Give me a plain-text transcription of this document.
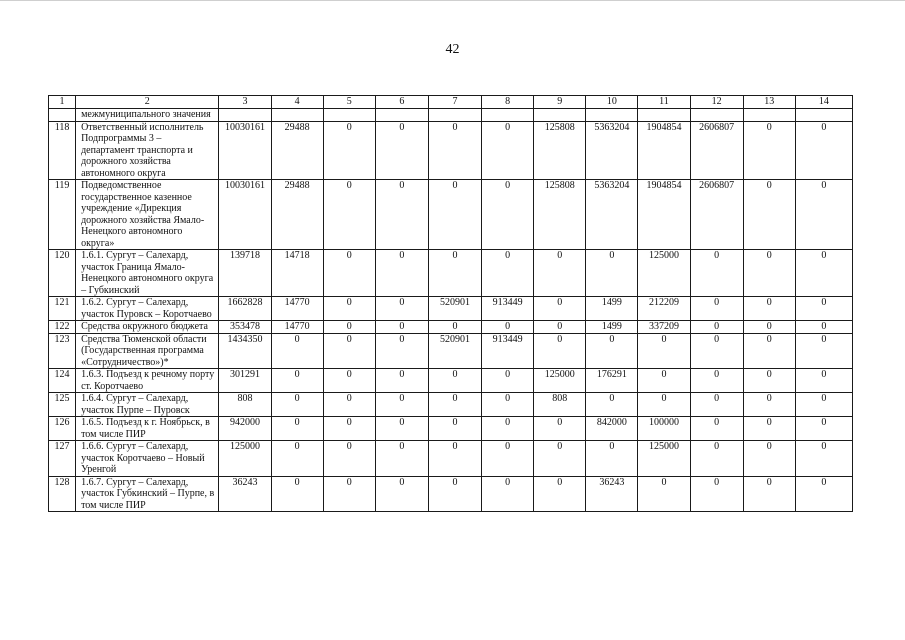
42
1	2	3	4	5	6	7	8	9	10	11	12	13	14
	межмуниципального значения												
118	Ответственный исполнитель Подпрограммы 3 – департамент транспорта и дорожного хозяйства автономного округа	10030161	29488	0	0	0	0	125808	5363204	1904854	2606807	0	0
119	Подведомственное государственное казенное учреждение «Дирекция дорожного хозяйства Ямало-Ненецкого автономного округа»	10030161	29488	0	0	0	0	125808	5363204	1904854	2606807	0	0
120	1.6.1. Сургут – Салехард, участок Граница Ямало-Ненецкого автономного округа – Губкинский	139718	14718	0	0	0	0	0	0	125000	0	0	0
121	1.6.2. Сургут – Салехард, участок Пуровск – Коротчаево	1662828	14770	0	0	520901	913449	0	1499	212209	0	0	0
122	Средства окружного бюджета	353478	14770	0	0	0	0	0	1499	337209	0	0	0
123	Средства Тюменской области (Государственная программа «Сотрудничество»)*	1434350	0	0	0	520901	913449	0	0	0	0	0	0
124	1.6.3. Подъезд к речному порту ст. Коротчаево	301291	0	0	0	0	0	125000	176291	0	0	0	0
125	1.6.4. Сургут – Салехард, участок Пурпе – Пуровск	808	0	0	0	0	0	808	0	0	0	0	0
126	1.6.5. Подъезд к г. Ноябрьск, в том числе ПИР	942000	0	0	0	0	0	0	842000	100000	0	0	0
127	1.6.6. Сургут – Салехард, участок Коротчаево – Новый Уренгой	125000	0	0	0	0	0	0	0	125000	0	0	0
128	1.6.7. Сургут – Салехард, участок Губкинский – Пурпе, в том числе ПИР	36243	0	0	0	0	0	0	36243	0	0	0	0
